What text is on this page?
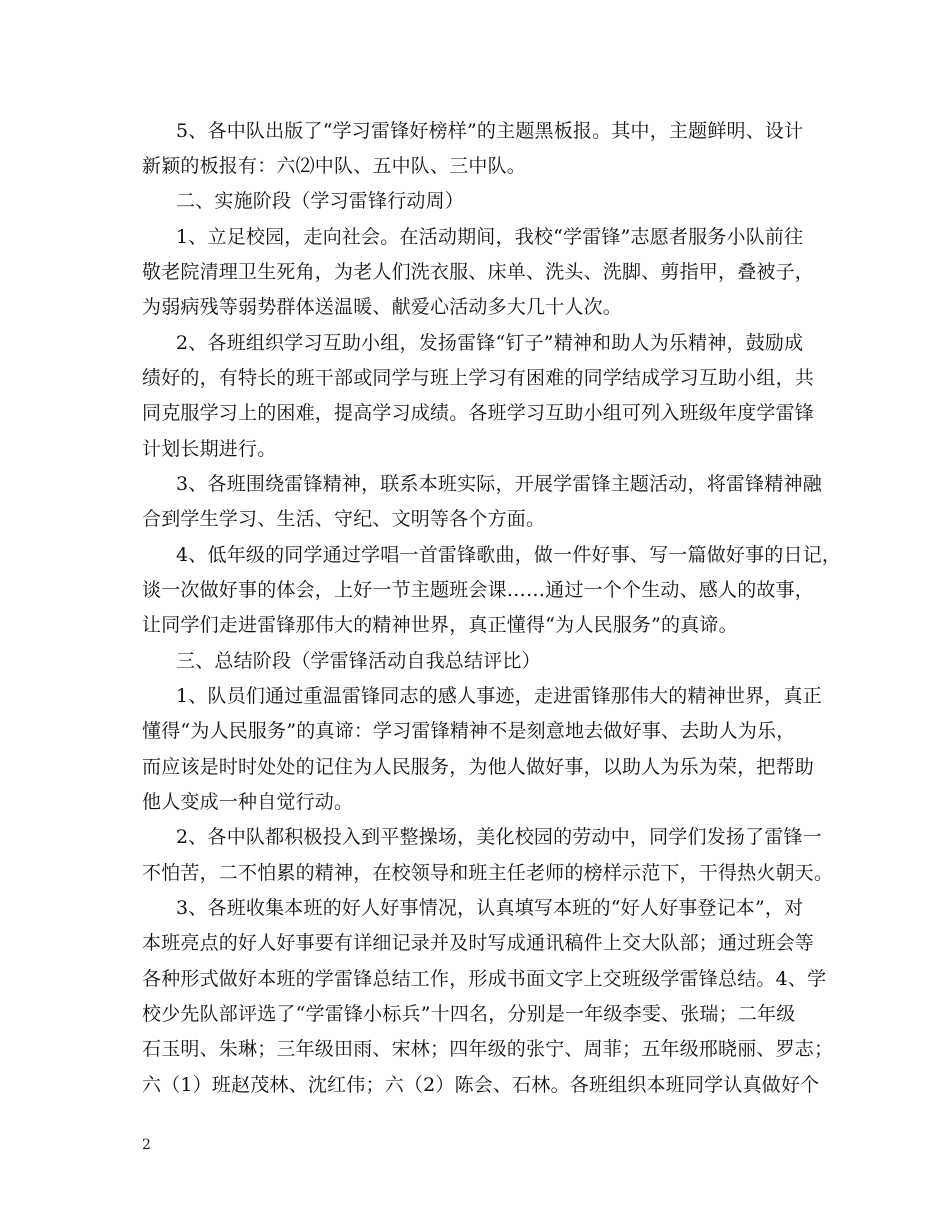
5、各中队出版了“学习雷锋好榜样”的主题黑板报。其中，主题鲜明、设计
新颖的板报有：六⑵中队、五中队、三中队。
二、实施阶段（学习雷锋行动周）
1、立足校园，走向社会。在活动期间，我校“学雷锋”志愿者服务小队前往
敬老院清理卫生死角，为老人们洗衣服、床单、洗头、洗脚、剪指甲，叠被子，
为弱病残等弱势群体送温暖、献爱心活动多大几十人次。
2、各班组织学习互助小组，发扬雷锋“钉子”精神和助人为乐精神，鼓励成
绩好的，有特长的班干部或同学与班上学习有困难的同学结成学习互助小组，共
同克服学习上的困难，提高学习成绩。各班学习互助小组可列入班级年度学雷锋
计划长期进行。
3、各班围绕雷锋精神，联系本班实际，开展学雷锋主题活动，将雷锋精神融
合到学生学习、生活、守纪、文明等各个方面。
4、低年级的同学通过学唱一首雷锋歌曲，做一件好事、写一篇做好事的日记，
谈一次做好事的体会，上好一节主题班会课……通过一个个生动、感人的故事，
让同学们走进雷锋那伟大的精神世界，真正懂得“为人民服务”的真谛。
三、总结阶段（学雷锋活动自我总结评比）
1、队员们通过重温雷锋同志的感人事迹，走进雷锋那伟大的精神世界，真正
懂得“为人民服务”的真谛：学习雷锋精神不是刻意地去做好事、去助人为乐，
而应该是时时处处的记住为人民服务，为他人做好事，以助人为乐为荣，把帮助
他人变成一种自觉行动。
2、各中队都积极投入到平整操场，美化校园的劳动中，同学们发扬了雷锋一
不怕苦，二不怕累的精神，在校领导和班主任老师的榜样示范下，干得热火朝天。
3、各班收集本班的好人好事情况，认真填写本班的“好人好事登记本”，对
本班亮点的好人好事要有详细记录并及时写成通讯稿件上交大队部；通过班会等
各种形式做好本班的学雷锋总结工作，形成书面文字上交班级学雷锋总结。4、学
校少先队部评选了“学雷锋小标兵”十四名，分别是一年级李雯、张瑞；二年级
石玉明、朱琳；三年级田雨、宋林；四年级的张宁、周菲；五年级邢晓丽、罗志；
六（1）班赵茂林、沈红伟；六（2）陈会、石林。各班组织本班同学认真做好个
2
